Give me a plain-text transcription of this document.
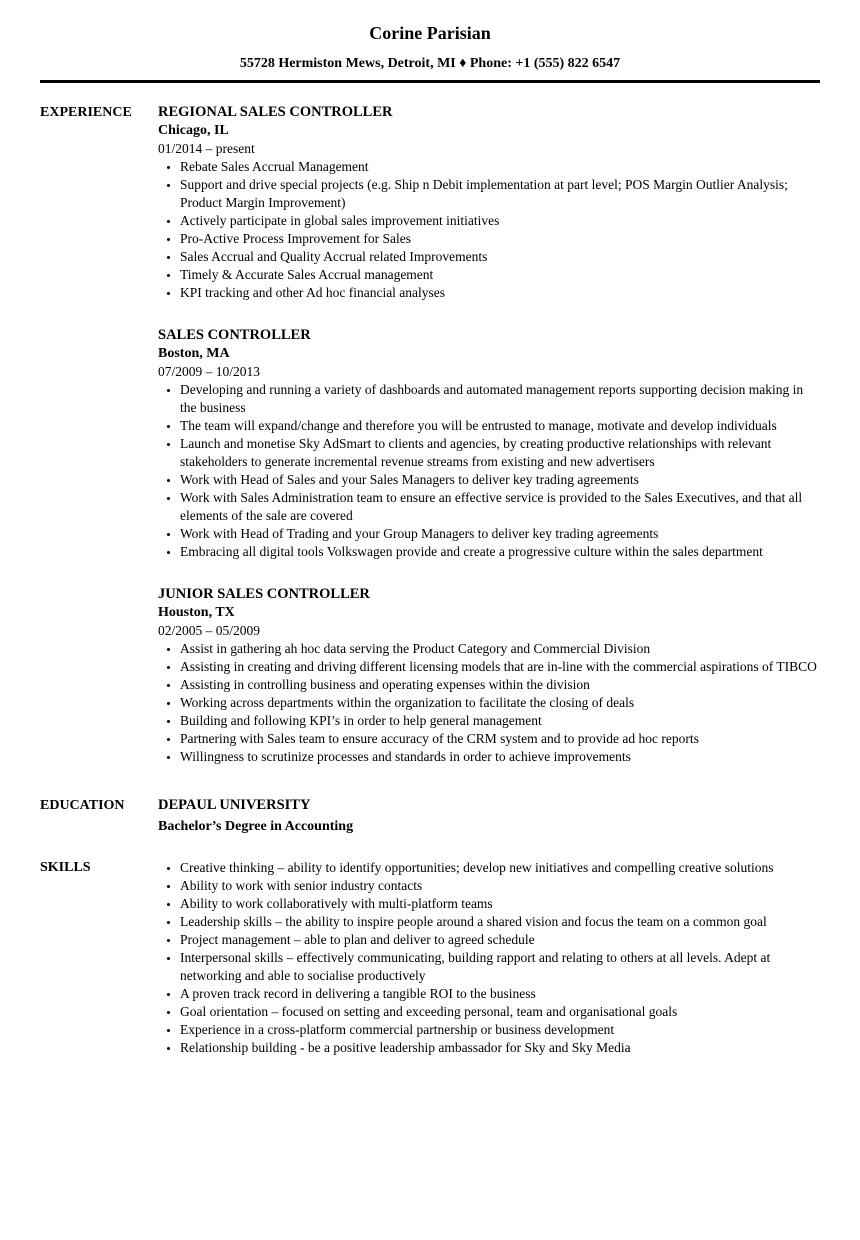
Corine Parisian

55728 Hermiston Mews, Detroit, MI ♦ Phone: +1 (555) 822 6547

EXPERIENCE	REGIONAL SALES CONTROLLER
Chicago, IL

01/2014 – present

• Rebate Sales Accrual Management
• Support and drive special projects (e.g. Ship n Debit implementation at part level; POS Margin Outlier Analysis; Product Margin Improvement)
• Actively participate in global sales improvement initiatives
• Pro-Active Process Improvement for Sales
• Sales Accrual and Quality Accrual related Improvements
• Timely & Accurate Sales Accrual management
• KPI tracking and other Ad hoc financial analyses
SALES CONTROLLER
Boston, MA

07/2009 – 10/2013

• Developing and running a variety of dashboards and automated management reports supporting decision making in the business
• The team will expand/change and therefore you will be entrusted to manage, motivate and develop individuals
• Launch and monetise Sky AdSmart to clients and agencies, by creating productive relationships with relevant stakeholders to generate incremental revenue streams from existing and new advertisers
• Work with Head of Sales and your Sales Managers to deliver key trading agreements
• Work with Sales Administration team to ensure an effective service is provided to the Sales Executives, and that all elements of the sale are covered
• Work with Head of Trading and your Group Managers to deliver key trading agreements
• Embracing all digital tools Volkswagen provide and create a progressive culture within the sales department
JUNIOR SALES CONTROLLER
Houston, TX

02/2005 – 05/2009

• Assist in gathering ah hoc data serving the Product Category and Commercial Division
• Assisting in creating and driving different licensing models that are in-line with the commercial aspirations of TIBCO
• Assisting in controlling business and operating expenses within the division
• Working across departments within the organization to facilitate the closing of deals
• Building and following KPI’s in order to help general management
• Partnering with Sales team to ensure accuracy of the CRM system and to provide ad hoc reports
• Willingness to scrutinize processes and standards in order to achieve improvements
EDUCATION	DEPAUL UNIVERSITY
Bachelor’s Degree in Accounting
SKILLS	• Creative thinking – ability to identify opportunities; develop new initiatives and compelling creative solutions
• Ability to work with senior industry contacts
• Ability to work collaboratively with multi-platform teams
• Leadership skills – the ability to inspire people around a shared vision and focus the team on a common goal
• Project management – able to plan and deliver to agreed schedule
• Interpersonal skills – effectively communicating, building rapport and relating to others at all levels. Adept at networking and able to socialise productively
• A proven track record in delivering a tangible ROI to the business
• Goal orientation – focused on setting and exceeding personal, team and organisational goals
• Experience in a cross-platform commercial partnership or business development
• Relationship building - be a positive leadership ambassador for Sky and Sky Media
